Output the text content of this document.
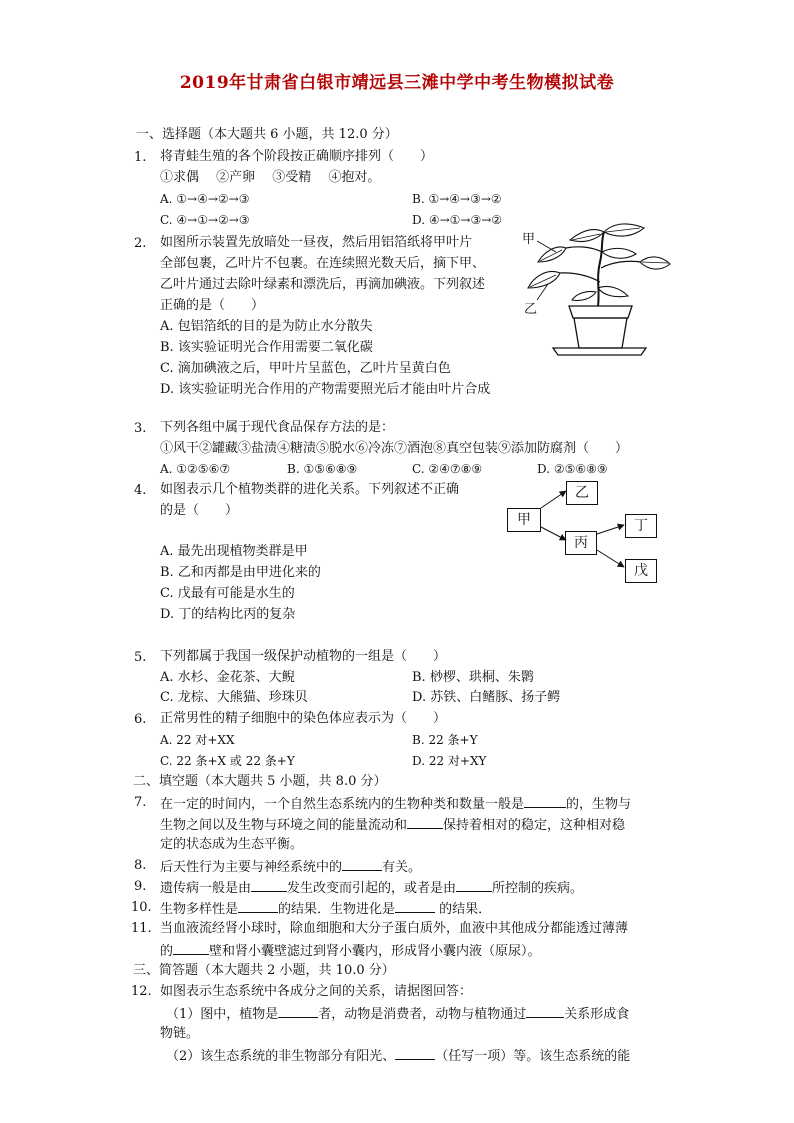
2019年甘肃省白银市靖远县三滩中学中考生物模拟试卷
一、选择题（本大题共 6 小题，共 12.0 分）
1. 将青蛙生殖的各个阶段按正确顺序排列（　　）
①求偶　 ②产卵　 ③受精　 ④抱对。
A. ①→④→②→③	B. ①→④→③→②
C. ④→①→②→③	D. ④→①→③→②
2. 如图所示装置先放暗处一昼夜，然后用铝箔纸将甲叶片
全部包裹，乙叶片不包裹。在连续照光数天后，摘下甲、
乙叶片通过去除叶绿素和漂洗后，再滴加碘液。下列叙述
正确的是（　　）
A. 包铝箔纸的目的是为防止水分散失
B. 该实验证明光合作用需要二氧化碳
C. 滴加碘液之后，甲叶片呈蓝色，乙叶片呈黄白色
D. 该实验证明光合作用的产物需要照光后才能由叶片合成
甲
乙
3. 下列各组中属于现代食品保存方法的是：
①风干②罐藏③盐渍④糖渍⑤脱水⑥冷冻⑦酒泡⑧真空包装⑨添加防腐剂（　　）
A. ①②⑤⑥⑦	B. ①⑤⑥⑧⑨	C. ②④⑦⑧⑨	D. ②⑤⑥⑧⑨
4. 如图表示几个植物类群的进化关系。下列叙述不正确
的是（　　）
A. 最先出现植物类群是甲
B. 乙和丙都是由甲进化来的
C. 戊最有可能是水生的
D. 丁的结构比丙的复杂
甲
乙
丙
丁
戊
5. 下列都属于我国一级保护动植物的一组是（　　）
A. 水杉、金花茶、大鲵	B. 桫椤、珙桐、朱鹮
C. 龙棕、大熊猫、珍珠贝	D. 苏铁、白鳍豚、扬子鳄
6. 正常男性的精子细胞中的染色体应表示为（　　）
A. 22 对+XX	B. 22 条+Y
C. 22 条+X 或 22 条+Y	D. 22 对+XY
二、填空题（本大题共 5 小题，共 8.0 分）
7. 在一定的时间内，一个自然生态系统内的生物种类和数量一般是	的，生物与
生物之间以及生物与环境之间的能量流动和	保持着相对的稳定，这种相对稳
定的状态成为生态平衡。
8. 后天性行为主要与神经系统中的	有关。
9. 遗传病一般是由	发生改变而引起的，或者是由	所控制的疾病。
10. 生物多样性是	的结果．生物进化是	的结果．
11. 当血液流经肾小球时，除血细胞和大分子蛋白质外，血液中其他成分都能透过薄薄
的	壁和肾小囊壁滤过到肾小囊内，形成肾小囊内液（原尿）。
三、简答题（本大题共 2 小题，共 10.0 分）
12. 如图表示生态系统中各成分之间的关系，请据图回答：
（1）图中，植物是	者，动物是消费者，动物与植物通过	关系形成食
物链。
（2）该生态系统的非生物部分有阳光、	（任写一项）等。该生态系统的能
